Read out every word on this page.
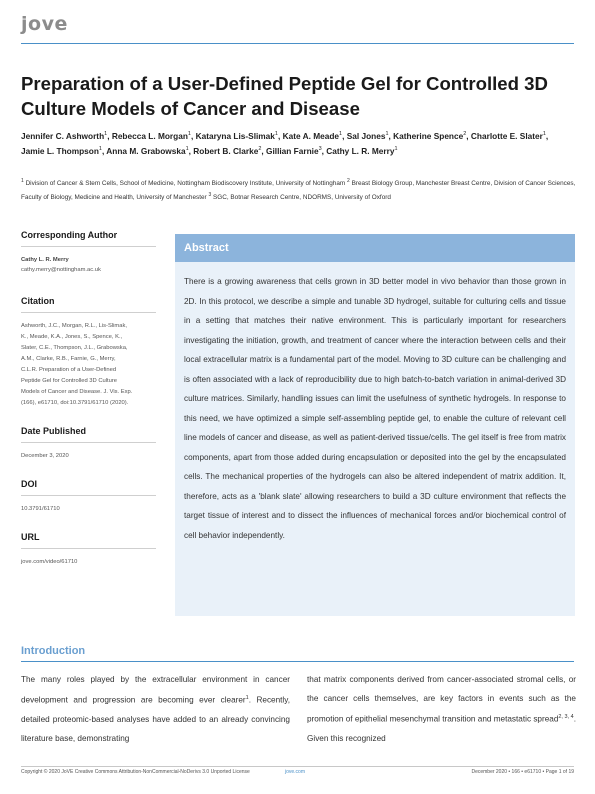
jove
Preparation of a User-Defined Peptide Gel for Controlled 3D Culture Models of Cancer and Disease
Jennifer C. Ashworth$^1$, Rebecca L. Morgan$^1$, Kataryna Lis-Slimak$^1$, Kate A. Meade$^1$, Sal Jones$^1$, Katherine Spence$^2$, Charlotte E. Slater$^1$, Jamie L. Thompson$^1$, Anna M. Grabowska$^1$, Robert B. Clarke$^2$, Gillian Farnie$^3$, Cathy L. R. Merry$^1$
$^1$ Division of Cancer & Stem Cells, School of Medicine, Nottingham Biodiscovery Institute, University of Nottingham $^2$ Breast Biology Group, Manchester Breast Centre, Division of Cancer Sciences, Faculty of Biology, Medicine and Health, University of Manchester $^3$ SGC, Botnar Research Centre, NDORMS, University of Oxford
Corresponding Author
Cathy L. R. Merry
cathy.merry@nottingham.ac.uk
Citation
Ashworth, J.C., Morgan, R.L., Lis-Slimak, K., Meade, K.A., Jones, S., Spence, K., Slater, C.E., Thompson, J.L., Grabowska, A.M., Clarke, R.B., Farnie, G., Merry, C.L.R. Preparation of a User-Defined Peptide Gel for Controlled 3D Culture Models of Cancer and Disease. J. Vis. Exp. (166), e61710, doi:10.3791/61710 (2020).
Date Published
December 3, 2020
DOI
10.3791/61710
URL
jove.com/video/61710
Abstract

There is a growing awareness that cells grown in 3D better model in vivo behavior than those grown in 2D. In this protocol, we describe a simple and tunable 3D hydrogel, suitable for culturing cells and tissue in a setting that matches their native environment. This is particularly important for researchers investigating the initiation, growth, and treatment of cancer where the interaction between cells and their local extracellular matrix is a fundamental part of the model. Moving to 3D culture can be challenging and is often associated with a lack of reproducibility due to high batch-to-batch variation in animal-derived 3D culture matrices. Similarly, handling issues can limit the usefulness of synthetic hydrogels. In response to this need, we have optimized a simple self-assembling peptide gel, to enable the culture of relevant cell line models of cancer and disease, as well as patient-derived tissue/cells. The gel itself is free from matrix components, apart from those added during encapsulation or deposited into the gel by the encapsulated cells. The mechanical properties of the hydrogels can also be altered independent of matrix addition. It, therefore, acts as a 'blank slate' allowing researchers to build a 3D culture environment that reflects the target tissue of interest and to dissect the influences of mechanical forces and/or biochemical control of cell behavior independently.

Introduction

The many roles played by the extracellular environment in cancer development and progression are becoming ever clearer$^1$. Recently, detailed proteomic-based analyses have added to an already convincing literature base, demonstrating

that matrix components derived from cancer-associated stromal cells, or the cancer cells themselves, are key factors in events such as the promotion of epithelial mesenchymal transition and metastatic spread$^{2, 3, 4}$. Given this recognized

Copyright © 2020 JoVE Creative Commons Attribution-NonCommercial-NoDerivs 3.0 Unported License	jove.com	December 2020 • 166 • e61710 • Page 1 of 19
